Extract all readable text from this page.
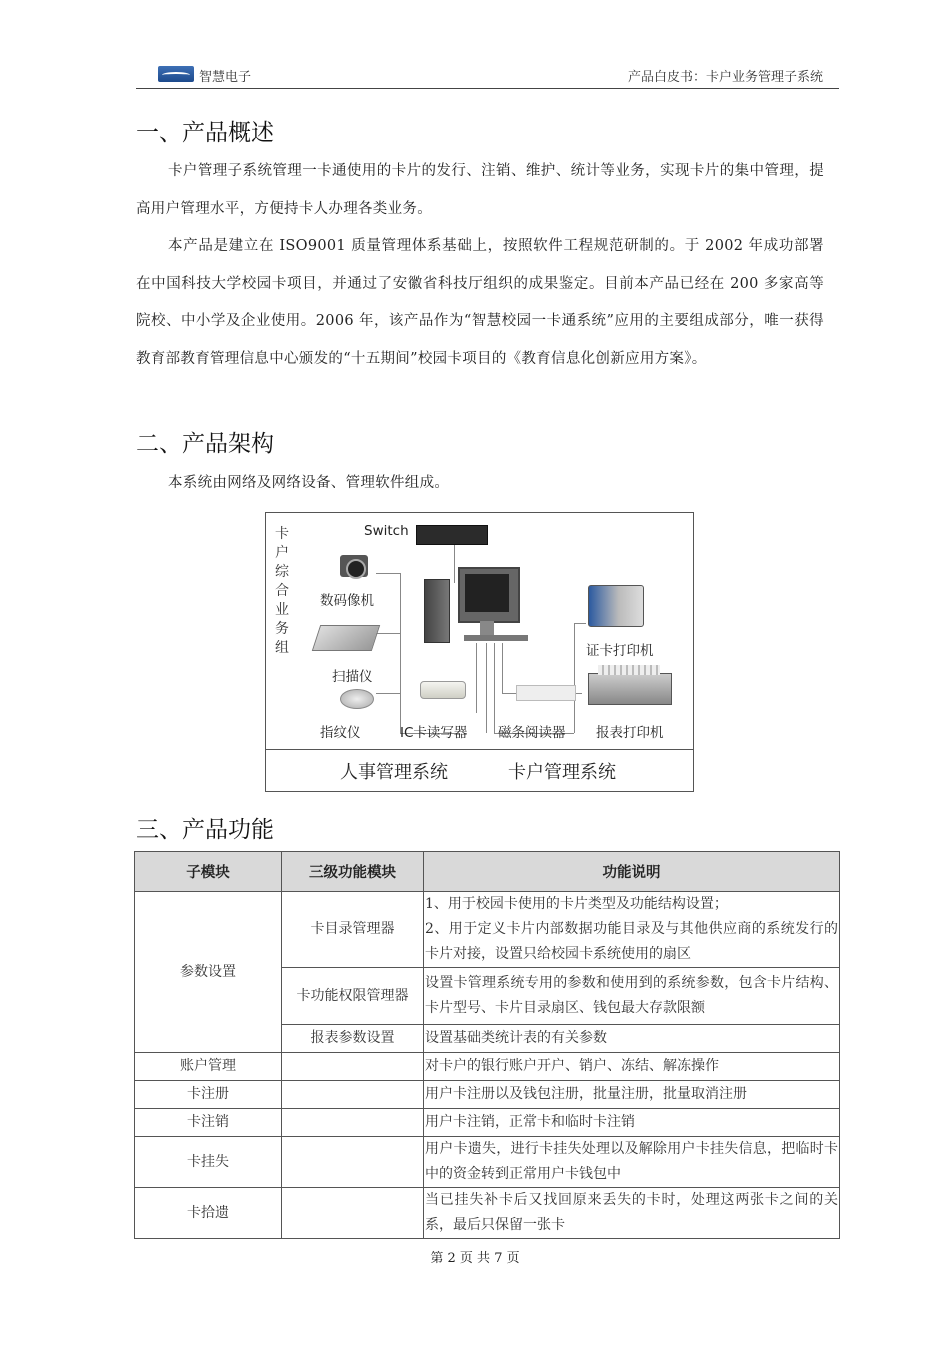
智慧电子	产品白皮书：卡户业务管理子系统
一、产品概述

卡户管理子系统管理一卡通使用的卡片的发行、注销、维护、统计等业务，实现卡片的集中管理，提高用户管理水平，方便持卡人办理各类业务。

本产品是建立在 ISO9001 质量管理体系基础上，按照软件工程规范研制的。于 2002 年成功部署在中国科技大学校园卡项目，并通过了安徽省科技厅组织的成果鉴定。目前本产品已经在 200 多家高等院校、中小学及企业使用。2006 年，该产品作为“智慧校园一卡通系统”应用的主要组成部分，唯一获得教育部教育管理信息中心颁发的“十五期间”校园卡项目的《教育信息化创新应用方案》。

二、产品架构

本系统由网络及网络设备、管理软件组成。

卡户综合业务组
Switch
数码像机
扫描仪
指纹仪	IC卡读写器 磁条阅读器
证卡打印机
报表打印机
人事管理系统	卡户管理系统
三、产品功能
子模块	三级功能模块	功能说明
参数设置	卡目录管理器	1、用于校园卡使用的卡片类型及功能结构设置；
2、用于定义卡片内部数据功能目录及与其他供应商的系统发行的卡片对接，设置只给校园卡系统使用的扇区

	卡功能权限管理器	设置卡管理系统专用的参数和使用到的系统参数，包含卡片结构、卡片型号、卡片目录扇区、钱包最大存款限额
	报表参数设置	设置基础类统计表的有关参数
账户管理		对卡户的银行账户开户、销户、冻结、解冻操作
卡注册		用户卡注册以及钱包注册，批量注册，批量取消注册
卡注销		用户卡注销，正常卡和临时卡注销
卡挂失		用户卡遗失，进行卡挂失处理以及解除用户卡挂失信息，把临时卡中的资金转到正常用户卡钱包中
卡拾遗		当已挂失补卡后又找回原来丢失的卡时，处理这两张卡之间的关系，最后只保留一张卡
第 2 页 共 7 页
